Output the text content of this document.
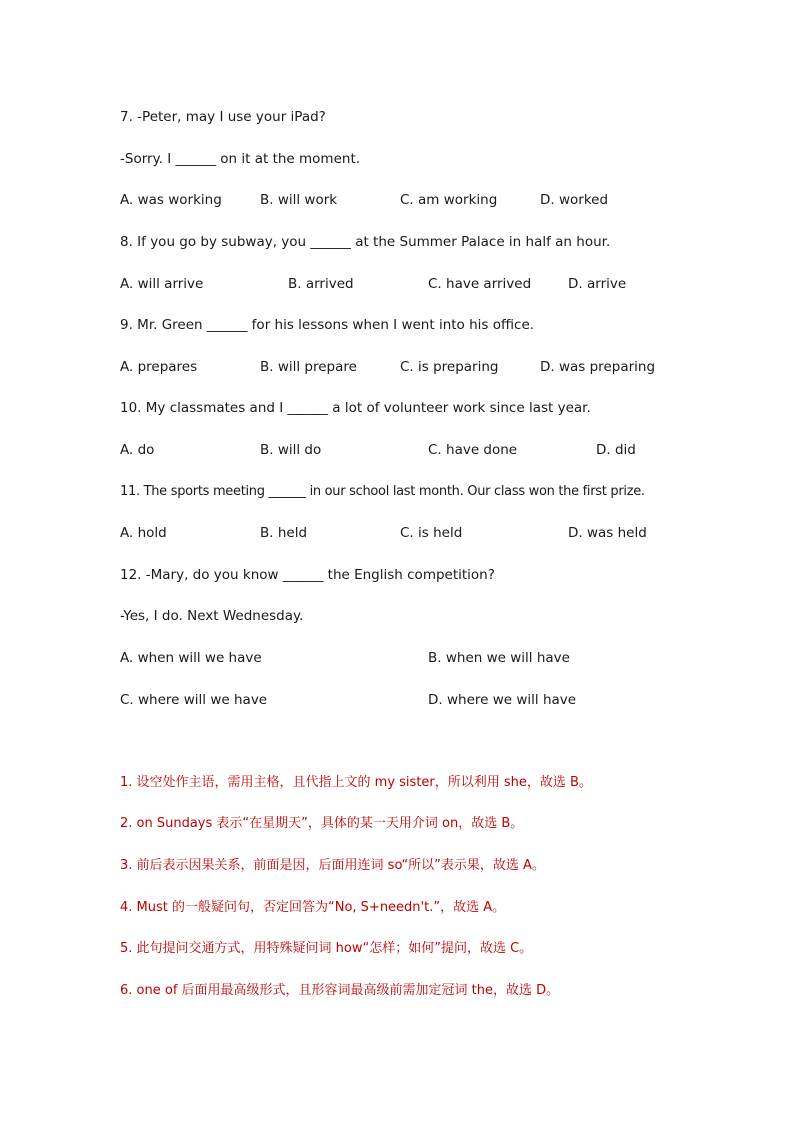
7. -Peter, may I use your iPad?
-Sorry. I ______ on it at the moment.
A. was working	B. will work	C. am working	D. worked
8. If you go by subway, you ______ at the Summer Palace in half an hour.
A. will arrive	B. arrived	C. have arrived	D. arrive
9. Mr. Green ______ for his lessons when I went into his office.
A. prepares	B. will prepare	C. is preparing	D. was preparing
10. My classmates and I ______ a lot of volunteer work since last year.
A. do	B. will do	C. have done	D. did
11. The sports meeting ______ in our school last month. Our class won the first prize.
A. hold	B. held	C. is held	D. was held
12. -Mary, do you know ______ the English competition?
-Yes, I do. Next Wednesday.
A. when will we have	B. when we will have
C. where will we have	D. where we will have
1. 设空处作主语，需用主格，且代指上文的 my sister，所以利用 she，故选 B。
2. on Sundays 表示“在星期天”，具体的某一天用介词 on，故选 B。
3. 前后表示因果关系，前面是因，后面用连词 so“所以”表示果，故选 A。
4. Must 的一般疑问句，否定回答为“No, S+needn't.”，故选 A。
5. 此句提问交通方式，用特殊疑问词 how“怎样；如何”提问，故选 C。
6. one of 后面用最高级形式，且形容词最高级前需加定冠词 the，故选 D。
